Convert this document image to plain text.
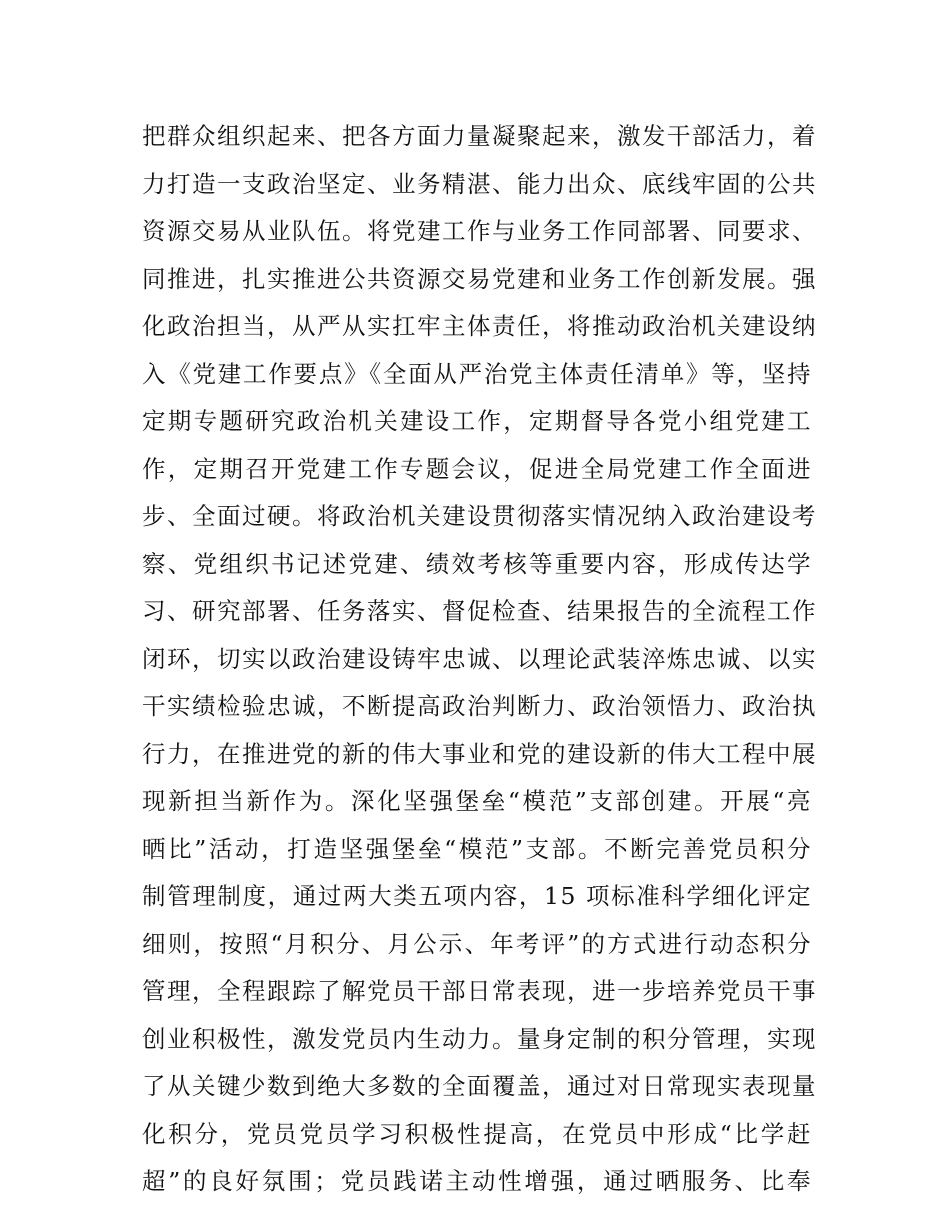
把群众组织起来、把各方面力量凝聚起来，激发干部活力，着
力打造一支政治坚定、业务精湛、能力出众、底线牢固的公共
资源交易从业队伍。将党建工作与业务工作同部署、同要求、
同推进，扎实推进公共资源交易党建和业务工作创新发展。强
化政治担当，从严从实扛牢主体责任，将推动政治机关建设纳
入《党建工作要点》《全面从严治党主体责任清单》等，坚持
定期专题研究政治机关建设工作，定期督导各党小组党建工
作，定期召开党建工作专题会议，促进全局党建工作全面进
步、全面过硬。将政治机关建设贯彻落实情况纳入政治建设考
察、党组织书记述党建、绩效考核等重要内容，形成传达学
习、研究部署、任务落实、督促检查、结果报告的全流程工作
闭环，切实以政治建设铸牢忠诚、以理论武装淬炼忠诚、以实
干实绩检验忠诚，不断提高政治判断力、政治领悟力、政治执
行力，在推进党的新的伟大事业和党的建设新的伟大工程中展
现新担当新作为。深化坚强堡垒“模范”支部创建。开展“亮
晒比”活动，打造坚强堡垒“模范”支部。不断完善党员积分
制管理制度，通过两大类五项内容，15 项标准科学细化评定
细则，按照“月积分、月公示、年考评”的方式进行动态积分
管理，全程跟踪了解党员干部日常表现，进一步培养党员干事
创业积极性，激发党员内生动力。量身定制的积分管理，实现
了从关键少数到绝大多数的全面覆盖，通过对日常现实表现量
化积分，党员党员学习积极性提高，在党员中形成“比学赶
超”的良好氛围；党员践诺主动性增强，通过晒服务、比奉
